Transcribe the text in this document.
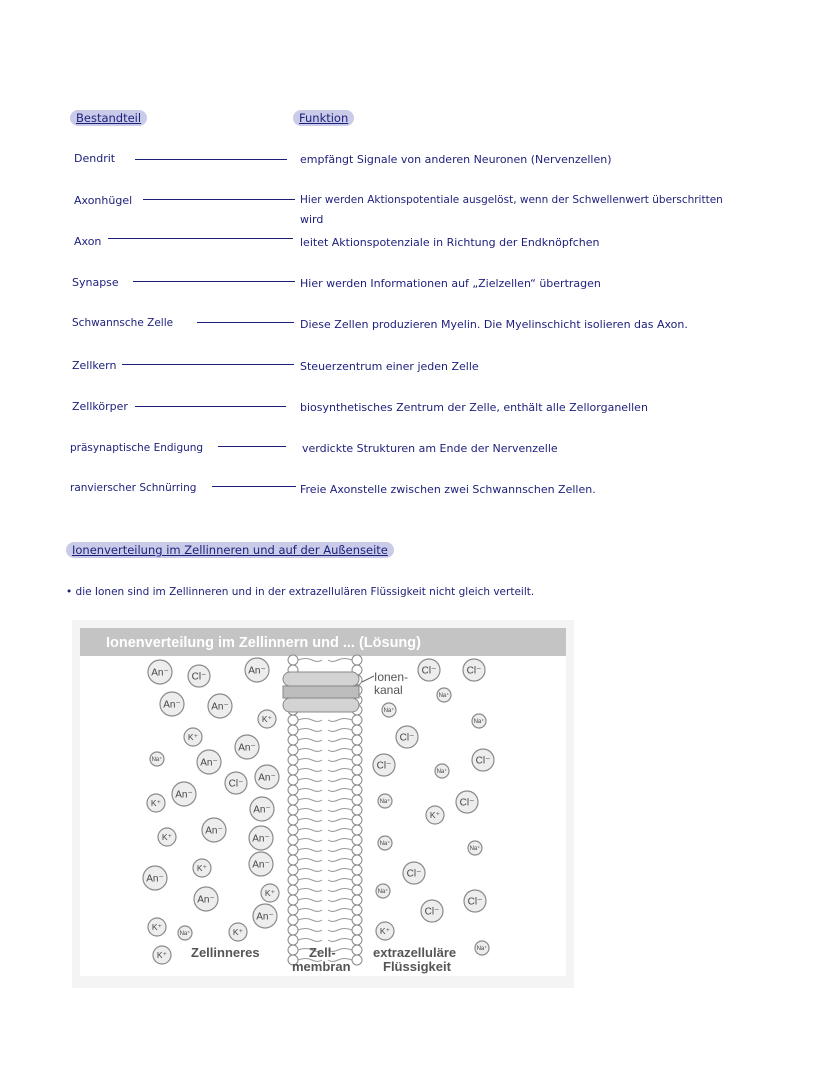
Bestandteil	Funktion
Dendrit	empfängt Signale von anderen Neuronen (Nervenzellen)
Axonhügel	Hier werden Aktionspotentiale ausgelöst, wenn der Schwellenwert überschritten
wird
Axon	leitet Aktionspotenziale in Richtung der Endknöpfchen
Synapse	Hier werden Informationen auf „Zielzellen“ übertragen
Schwannsche Zelle	Diese Zellen produzieren Myelin. Die Myelinschicht isolieren das Axon.
Zellkern	Steuerzentrum einer jeden Zelle
Zellkörper	biosynthetisches Zentrum der Zelle, enthält alle Zellorganellen
präsynaptische Endigung	verdickte Strukturen am Ende der Nervenzelle
ranvierscher Schnürring	Freie Axonstelle zwischen zwei Schwannschen Zellen.
Ionenverteilung im Zellinneren und auf der Außenseite
• die Ionen sind im Zellinneren und in der extrazellulären Flüssigkeit nicht gleich verteilt.
Ionenverteilung im Zellinnern und ... (Lösung)
Ionen-
kanal
An⁻ Cl⁻
An⁻
An⁻	An⁻
K⁺
K⁺
An⁻
Na⁺	An⁻
Cl⁻
An⁻
An⁻
K⁺
An⁻
K⁺
An⁻
An⁻
K⁺
An⁻
An⁻
An⁻
K⁺
K⁺
Na⁺	K⁺
An⁻
K⁺
Cl⁻	Cl⁻
Na⁺
Na⁺
Na⁺
Cl⁻
Cl⁻	Cl⁻
Na⁺
Na⁺	Cl⁻
K⁺
Na⁺
Na⁺
Cl⁻
Na⁺
Cl⁻
Cl⁻
K⁺
Na⁺
Zellinneres	Zell-
membran
extrazelluläre
Flüssigkeit
